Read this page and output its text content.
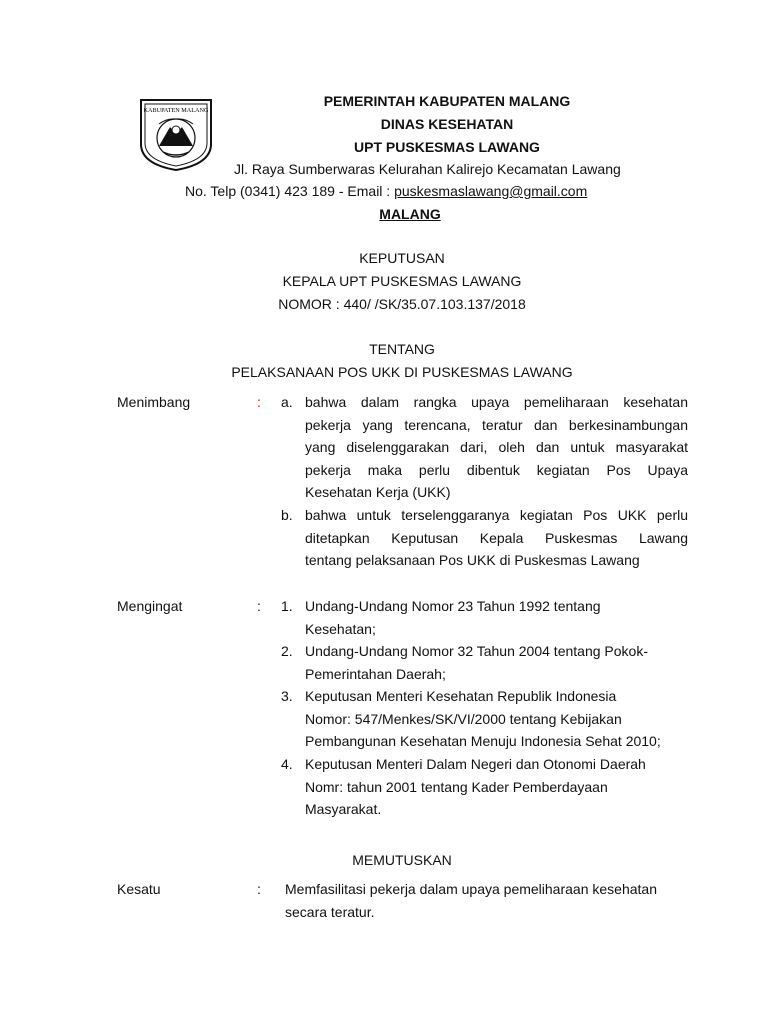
KABUPATEN MALANG
PEMERINTAH KABUPATEN MALANG
DINAS KESEHATAN
UPT PUSKESMAS LAWANG
Jl. Raya Sumberwaras Kelurahan Kalirejo Kecamatan Lawang
No. Telp (0341) 423 189 - Email : puskesmaslawang@gmail.com
MALANG
KEPUTUSAN
KEPALA UPT PUSKESMAS LAWANG
NOMOR : 440/ /SK/35.07.103.137/2018
TENTANG
PELAKSANAAN POS UKK DI PUSKESMAS LAWANG
Menimbang	: a. bahwa dalam rangka upaya pemeliharaan kesehatan
pekerja yang terencana, teratur dan berkesinambungan
yang diselenggarakan dari, oleh dan untuk masyarakat
pekerja maka perlu dibentuk kegiatan Pos Upaya
Kesehatan Kerja (UKK)
b. bahwa untuk terselenggaranya kegiatan Pos UKK perlu
ditetapkan Keputusan Kepala Puskesmas Lawang
tentang pelaksanaan Pos UKK di Puskesmas Lawang
Mengingat	: 1. Undang-Undang Nomor 23 Tahun 1992 tentang
Kesehatan;
2. Undang-Undang Nomor 32 Tahun 2004 tentang Pokok-
Pemerintahan Daerah;
3. Keputusan Menteri Kesehatan Republik Indonesia
Nomor: 547/Menkes/SK/VI/2000 tentang Kebijakan
Pembangunan Kesehatan Menuju Indonesia Sehat 2010;
4. Keputusan Menteri Dalam Negeri dan Otonomi Daerah
Nomr: tahun 2001 tentang Kader Pemberdayaan
Masyarakat.
MEMUTUSKAN
Kesatu	: Memfasilitasi pekerja dalam upaya pemeliharaan kesehatan
secara teratur.
